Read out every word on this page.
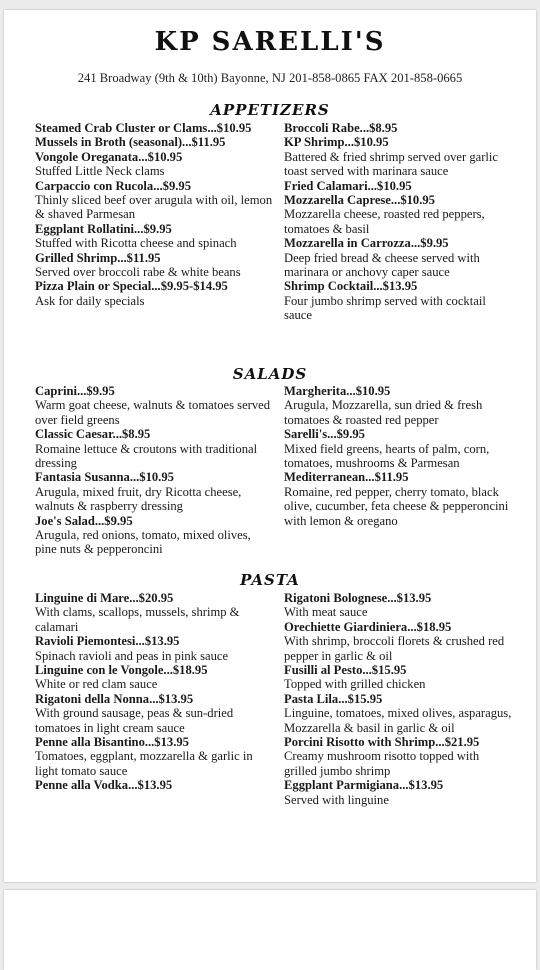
KP SARELLI'S
241 Broadway (9th & 10th) Bayonne, NJ 201-858-0865 FAX 201-858-0665
APPETIZERS
Steamed Crab Cluster or Clams...$10.95
Mussels in Broth (seasonal)...$11.95
Vongole Oreganata...$10.95
Stuffed Little Neck clams
Carpaccio con Rucola...$9.95
Thinly sliced beef over arugula with oil, lemon & shaved Parmesan
Eggplant Rollatini...$9.95
Stuffed with Ricotta cheese and spinach
Grilled Shrimp...$11.95
Served over broccoli rabe & white beans
Pizza Plain or Special...$9.95-$14.95
Ask for daily specials
Broccoli Rabe...$8.95
KP Shrimp...$10.95
Battered & fried shrimp served over garlic toast served with marinara sauce
Fried Calamari...$10.95
Mozzarella Caprese...$10.95
Mozzarella cheese, roasted red peppers, tomatoes & basil
Mozzarella in Carrozza...$9.95
Deep fried bread & cheese served with marinara or anchovy caper sauce
Shrimp Cocktail...$13.95
Four jumbo shrimp served with cocktail sauce
SALADS
Caprini...$9.95
Warm goat cheese, walnuts & tomatoes served over field greens
Classic Caesar...$8.95
Romaine lettuce & croutons with traditional dressing
Fantasia Susanna...$10.95
Arugula, mixed fruit, dry Ricotta cheese, walnuts & raspberry dressing
Joe's Salad...$9.95
Arugula, red onions, tomato, mixed olives, pine nuts & pepperoncini
Margherita...$10.95
Arugula, Mozzarella, sun dried & fresh tomatoes & roasted red pepper
Sarelli's...$9.95
Mixed field greens, hearts of palm, corn, tomatoes, mushrooms & Parmesan
Mediterranean...$11.95
Romaine, red pepper, cherry tomato, black olive, cucumber, feta cheese & pepperoncini with lemon & oregano
PASTA
Linguine di Mare...$20.95
With clams, scallops, mussels, shrimp & calamari
Ravioli Piemontesi...$13.95
Spinach ravioli and peas in pink sauce
Linguine con le Vongole...$18.95
White or red clam sauce
Rigatoni della Nonna...$13.95
With ground sausage, peas & sun-dried tomatoes in light cream sauce
Penne alla Bisantino...$13.95
Tomatoes, eggplant, mozzarella & garlic in light tomato sauce
Penne alla Vodka...$13.95
Rigatoni Bolognese...$13.95
With meat sauce
Orechiette Giardiniera...$18.95
With shrimp, broccoli florets & crushed red pepper in garlic & oil
Fusilli al Pesto...$15.95
Topped with grilled chicken
Pasta Lila...$15.95
Linguine, tomatoes, mixed olives, asparagus, Mozzarella & basil in garlic & oil
Porcini Risotto with Shrimp...$21.95
Creamy mushroom risotto topped with grilled jumbo shrimp
Eggplant Parmigiana...$13.95
Served with linguine
